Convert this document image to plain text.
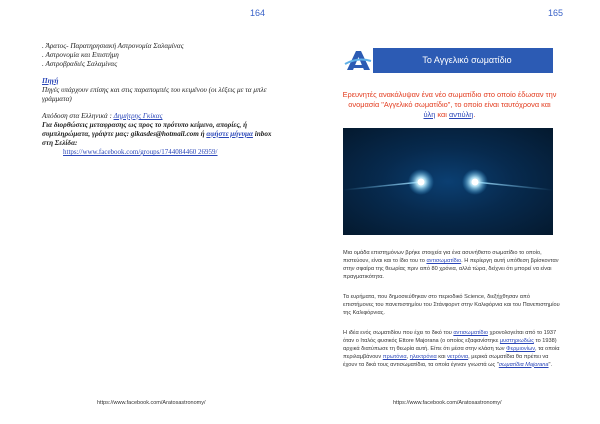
164
. Άρατος- Παρατηρησιακή Αστρονομία Σαλαμίνας
. Αστρονομία και Επιστήμη
. Αστροβραδιές Σαλαμίνας
Πηγή
Πηγές υπάρχουν επίσης και στις παραπομπές του κειμένου (οι λέξεις με τα μπλε γράμματα)
Απόδοση στα Ελληνικά : Δημήτρης Γκίκας
Για διορθώσεις μεταφρασης ως προς το πρότυπο κείμενο, απορίες, ή συμπληρώματα, γράψτε μας: gikasdes@hotmail.com ή αφήστε μήνυμα inbox στη Σελίδα:
https://www.facebook.com/groups/1744084460 26959/
https://www.facebook.com/Aratosastronomy/
165
Το Αγγελικό σωματίδιο
Ερευνητές ανακάλυψαν ένα νέο σωματίδιο στο οποίο έδωσαν την ονομασία "Αγγελικό σωματίδιο", το οποίο είναι ταυτόχρονα και ύλη και αντιύλη.
Μια ομάδα επιστημόνων βρήκε στοιχεία για ένα ασυνήθιστο σωματίδιο το οποίο, πιστεύουν, είναι και το ίδιο του το αντισωματίδιο. Η περίεργη αυτή υπόθεση βρίσκονταν στην σφαίρα της θεωρίας πριν από 80 χρόνια, αλλά τώρα, δείχνει ότι μπορεί να είναι πραγματικότητα.
Τα ευρήματα, που δημοσιεύθηκαν στο περιοδικό Science, διεξήχθησαν από επιστήμονες του πανεπιστημίου του Στάνφορντ στην Καλιφόρνια και του Πανεπιστημίου της Καλιφόρνιας.
Η ιδέα ενός σωματιδίου που έχει το δικό του αντισωματίδιο χρονολογείται από το 1937 όταν ο Ιταλός φυσικός Ettore Majorana (ο οποίος εξαφανίστηκε μυστηριωδώς το 1938) αρχικά διατύπωσε τη θεωρία αυτή. Είπε ότι μέσα στην κλάση των Φερμιονίων, τα οποία περιλαμβάνουν πρωτόνια, ηλεκτρόνια και νετρόνια, μερικά σωματίδια θα πρέπει να έχουν τα δικά τους αντισωματίδια, τα οποία έγιναν γνωστά ως "σωματίδια Majorana".
https://www.facebook.com/Aratosastronomy/
